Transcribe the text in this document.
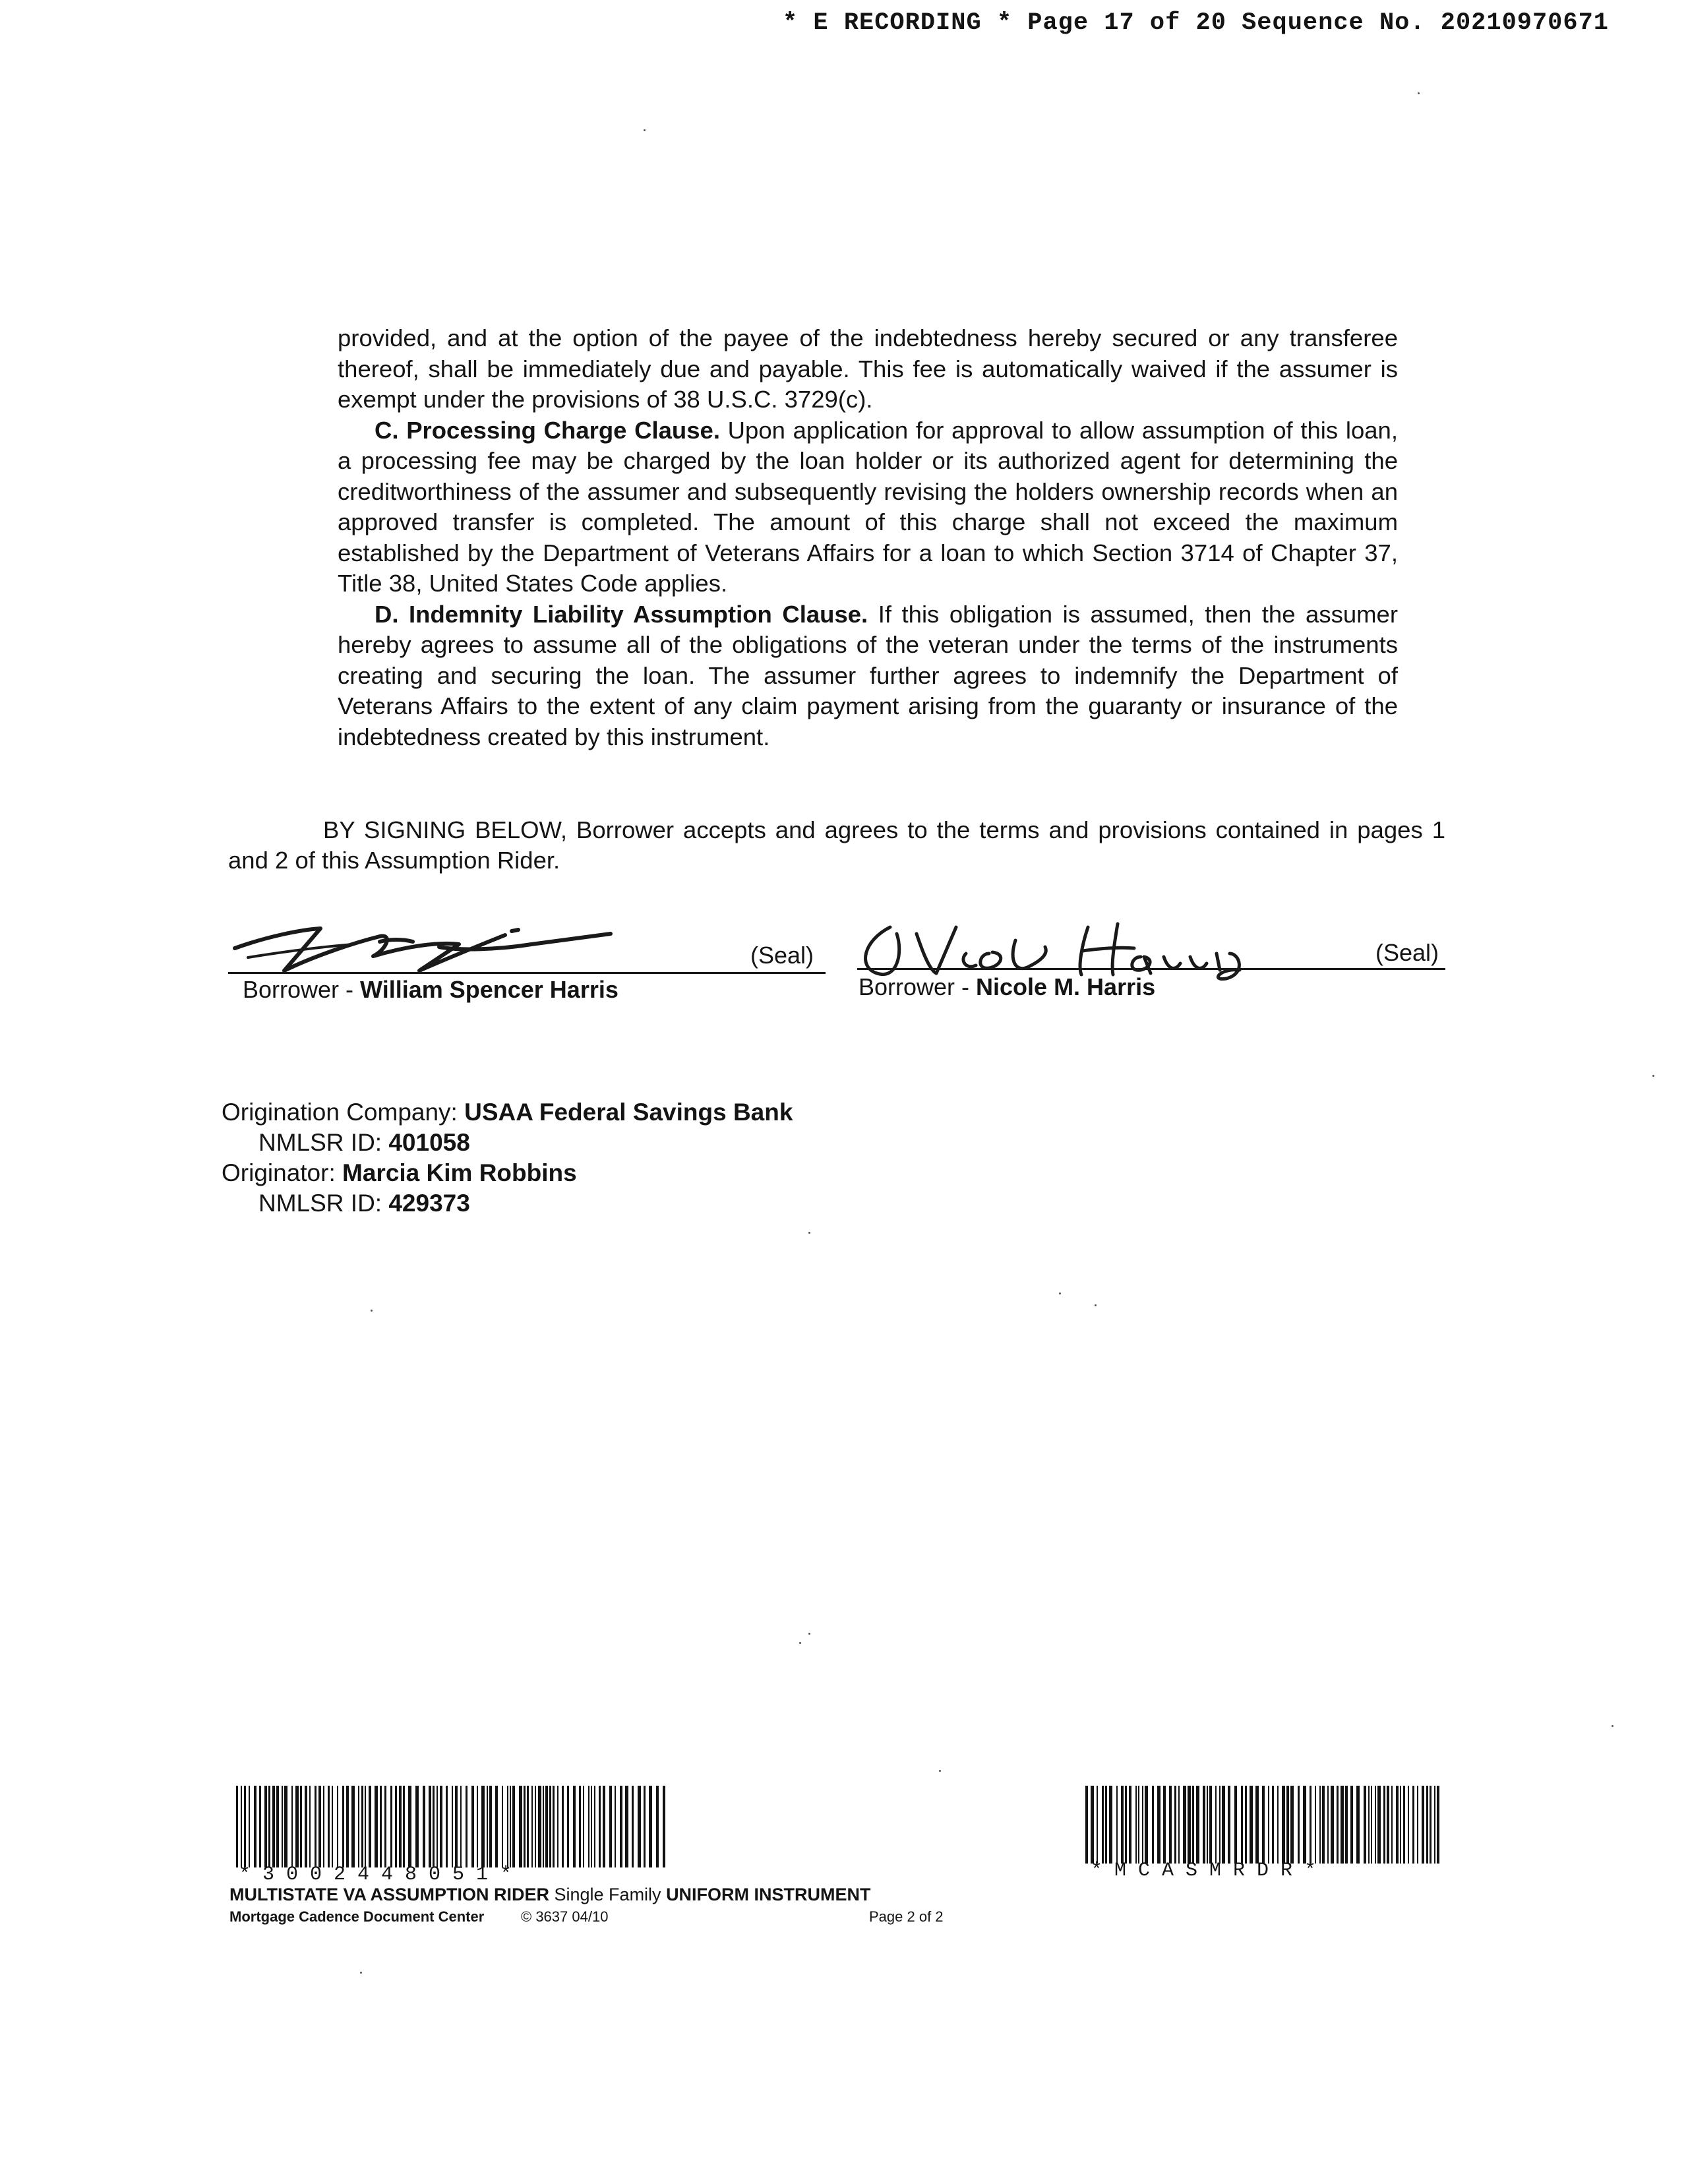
* E RECORDING * Page 17 of 20 Sequence No. 20210970671

provided, and at the option of the payee of the indebtedness hereby secured or any transferee thereof, shall be immediately due and payable. This fee is automatically waived if the assumer is exempt under the provisions of 38 U.S.C. 3729(c).

C. Processing Charge Clause. Upon application for approval to allow assumption of this loan, a processing fee may be charged by the loan holder or its authorized agent for determining the creditworthiness of the assumer and subsequently revising the holders ownership records when an approved transfer is completed. The amount of this charge shall not exceed the maximum established by the Department of Veterans Affairs for a loan to which Section 3714 of Chapter 37, Title 38, United States Code applies.

D. Indemnity Liability Assumption Clause. If this obligation is assumed, then the assumer hereby agrees to assume all of the obligations of the veteran under the terms of the instruments creating and securing the loan. The assumer further agrees to indemnify the Department of Veterans Affairs to the extent of any claim payment arising from the guaranty or insurance of the indebtedness created by this instrument.

BY SIGNING BELOW, Borrower accepts and agrees to the terms and provisions contained in pages 1 and 2 of this Assumption Rider.

(Seal)
Borrower - William Spencer Harris
(Seal)
Borrower - Nicole M. Harris
Origination Company: USAA Federal Savings Bank
NMLSR ID: 401058
Originator: Marcia Kim Robbins
NMLSR ID: 429373
* 3 0 0 2 4 4 8 0 5 1 *	* M C A S M R D R *
MULTISTATE VA ASSUMPTION RIDER Single Family UNIFORM INSTRUMENT
Mortgage Cadence Document Center	© 3637 04/10	Page 2 of 2
